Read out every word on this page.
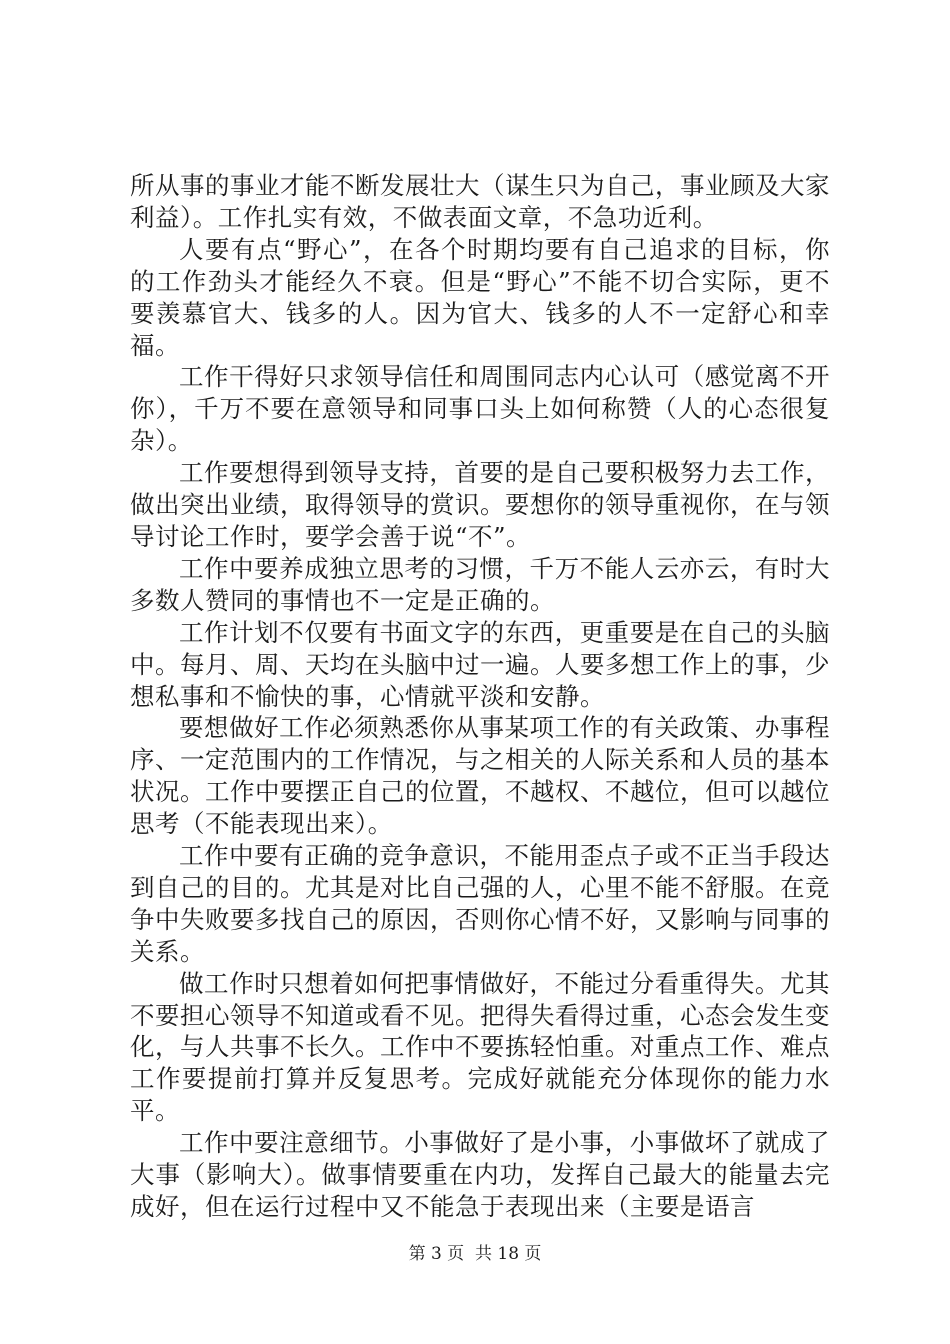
所从事的事业才能不断发展壮大（谋生只为自己，事业顾及大家利益）。工作扎实有效，不做表面文章，不急功近利。

人要有点“野心”，在各个时期均要有自己追求的目标，你的工作劲头才能经久不衰。但是“野心”不能不切合实际，更不要羡慕官大、钱多的人。因为官大、钱多的人不一定舒心和幸福。

工作干得好只求领导信任和周围同志内心认可（感觉离不开你），千万不要在意领导和同事口头上如何称赞（人的心态很复杂）。

工作要想得到领导支持，首要的是自己要积极努力去工作，做出突出业绩，取得领导的赏识。要想你的领导重视你，在与领导讨论工作时，要学会善于说“不”。

工作中要养成独立思考的习惯，千万不能人云亦云，有时大多数人赞同的事情也不一定是正确的。

工作计划不仅要有书面文字的东西，更重要是在自己的头脑中。每月、周、天均在头脑中过一遍。人要多想工作上的事，少想私事和不愉快的事，心情就平淡和安静。

要想做好工作必须熟悉你从事某项工作的有关政策、办事程序、一定范围内的工作情况，与之相关的人际关系和人员的基本状况。工作中要摆正自己的位置，不越权、不越位，但可以越位思考（不能表现出来）。

工作中要有正确的竞争意识，不能用歪点子或不正当手段达到自己的目的。尤其是对比自己强的人，心里不能不舒服。在竞争中失败要多找自己的原因，否则你心情不好，又影响与同事的关系。

做工作时只想着如何把事情做好，不能过分看重得失。尤其不要担心领导不知道或看不见。把得失看得过重，心态会发生变化，与人共事不长久。工作中不要拣轻怕重。对重点工作、难点工作要提前打算并反复思考。完成好就能充分体现你的能力水平。

工作中要注意细节。小事做好了是小事，小事做坏了就成了大事（影响大）。做事情要重在内功，发挥自己最大的能量去完成好，但在运行过程中又不能急于表现出来（主要是语言

第 3 页  共 18 页
